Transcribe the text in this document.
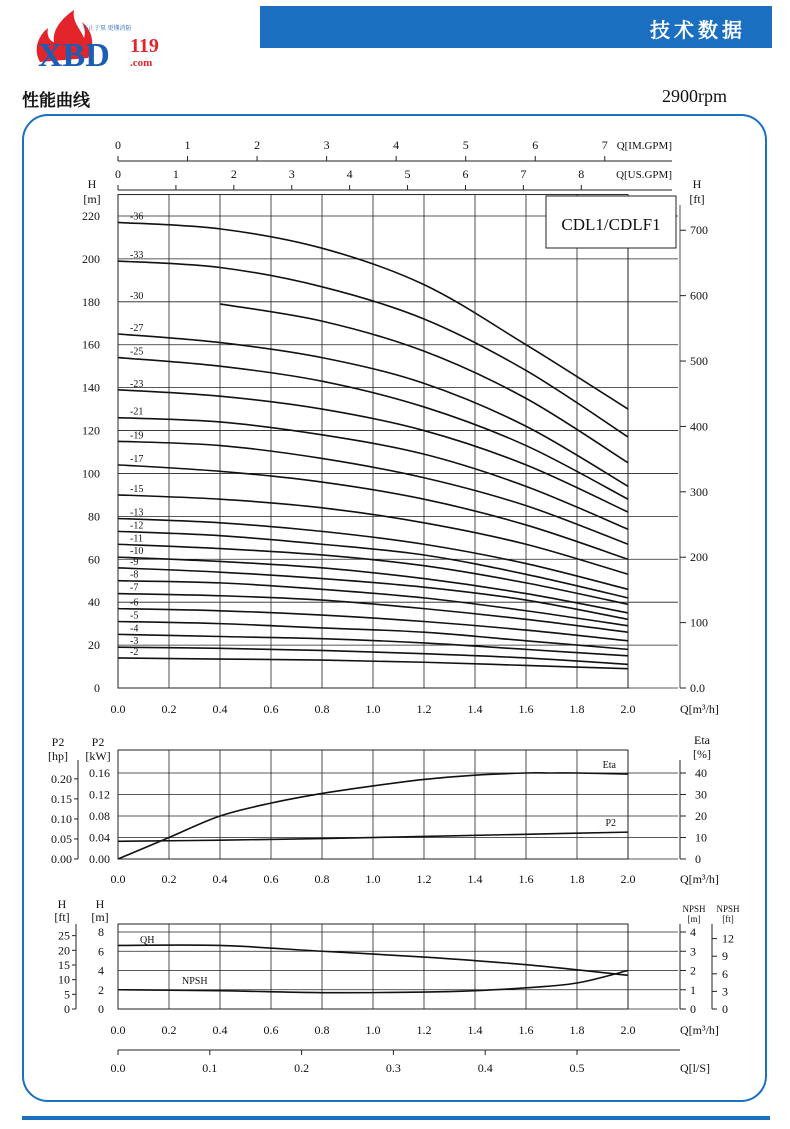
XBD 119
.com
不止于泵 更懂消防	技术数据
性能曲线	2900rpm
0.0	0.2	0.4	0.6	0.8	1.0	1.2	1.4	1.6	1.8	2.0
0
20
40
60
80
100
120
140
160
180
200
220
Q[m³/h]
H
[m]
0.0
100
200
300
400
500
600
700
H
[ft]
0	1	2	3	4	5	6	7 Q[IM.GPM]
0	1	2	3	4	5	6	7	8	Q[US.GPM]
CDL1/CDLF1
-36
-33
-30
-27
-25
-23
-21
-19
-17
-15
-13
-12
-11
-10
-9
-8
-7
-6
-5
-4
-3
-2
0.0	0.2	0.4	0.6	0.8	1.0	1.2	1.4	1.6	1.8	2.0
0.00
0.04
0.08
0.12
0.16
0.00
0.05
0.10
0.15
0.20
P2
[hp]
P2
[kW]
0
10
20
30
40
Eta
[%]
Q[m³/h]
Eta
P2
0.0	0.2	0.4	0.6	0.8	1.0	1.2	1.4	1.6	1.8	2.0
0
2
4
6
8
0
5
10
15
20
25
H
[ft]
H
[m]
0
1
2
3
4
NPSH
[m]
0
3
6
9
12
NPSH
[ft]
Q[m³/h]
0.0	0.1	0.2	0.3	0.4	0.5	Q[l/S]
QH
NPSH
